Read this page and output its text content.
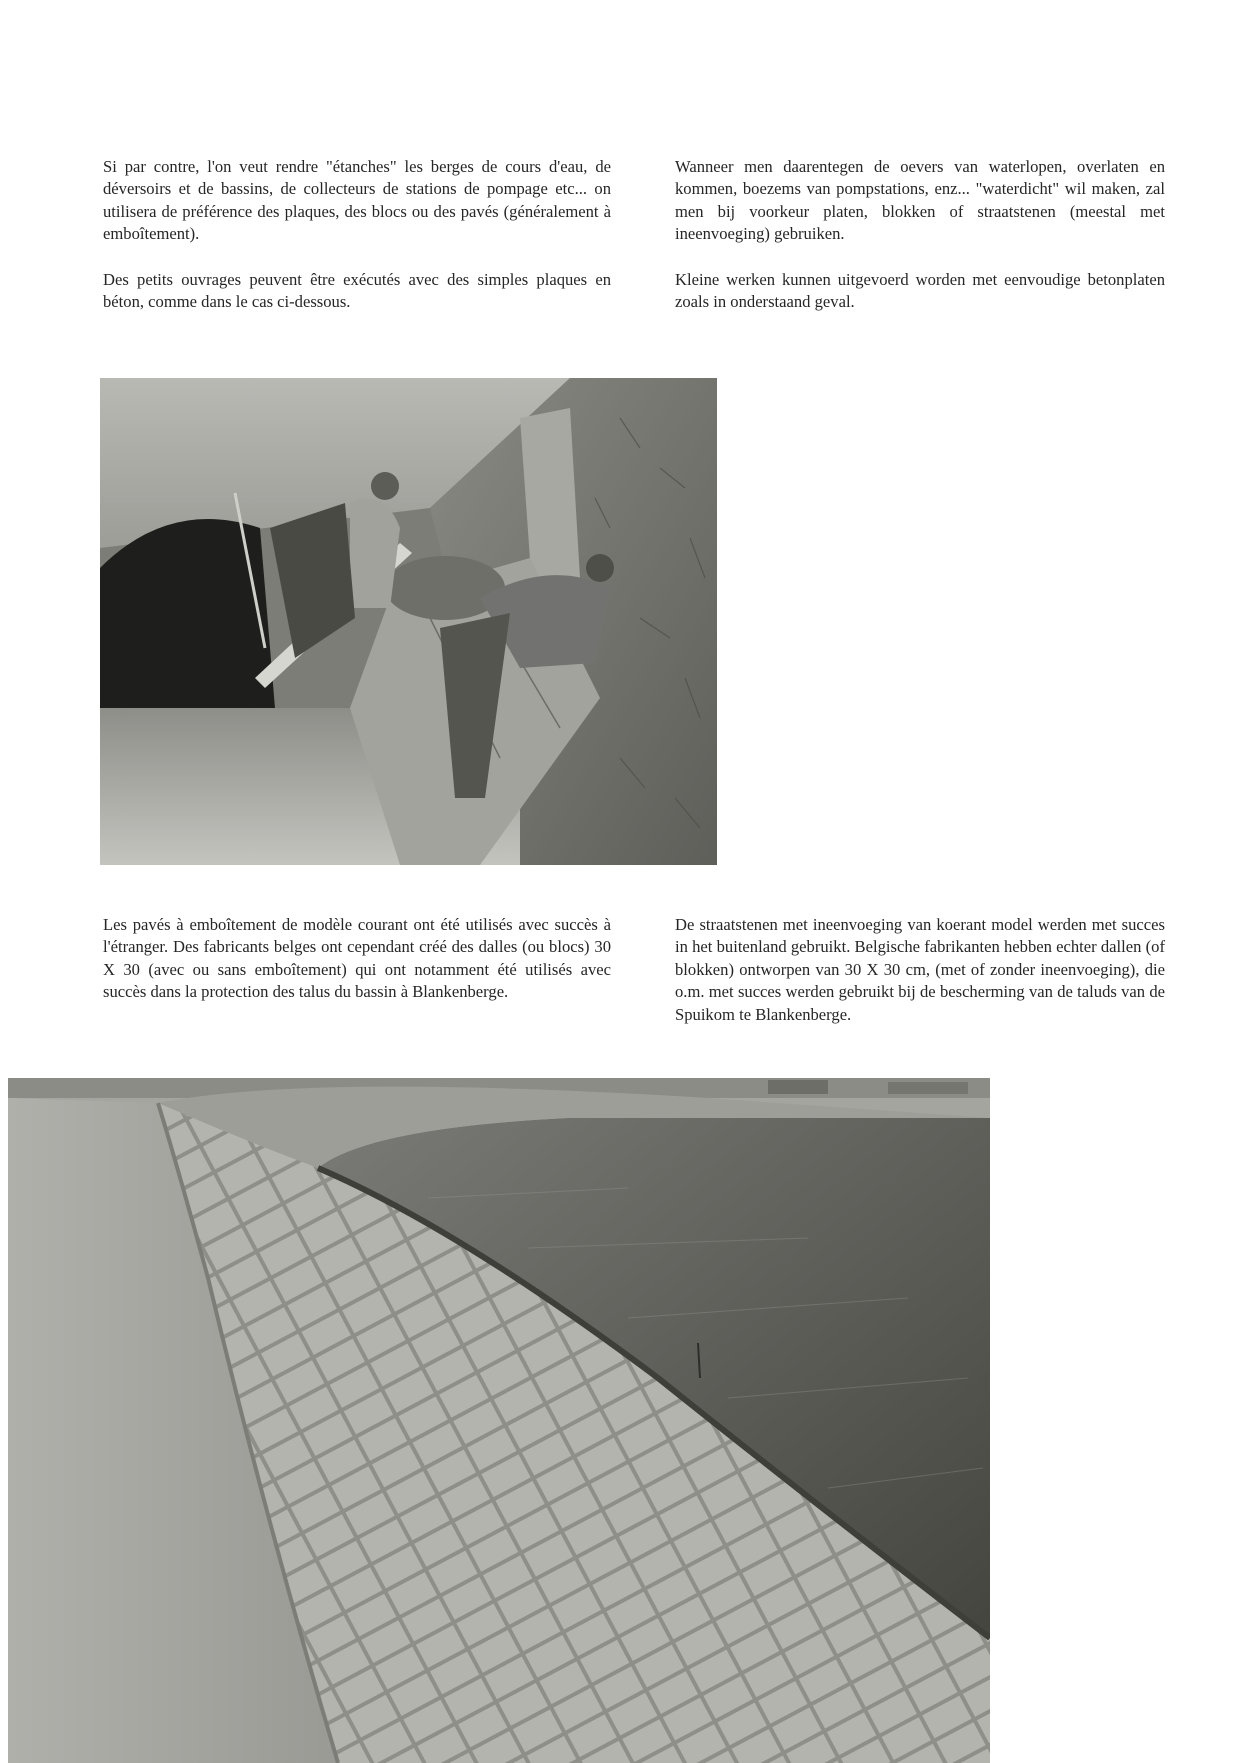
Si par contre, l'on veut rendre "étanches" les berges de cours d'eau, de déversoirs et de bassins, de collecteurs de stations de pompage etc... on utilisera de préférence des plaques, des blocs ou des pavés (généralement à emboîtement).

Des petits ouvrages peuvent être exécutés avec des simples plaques en béton, comme dans le cas ci-dessous.

Wanneer men daarentegen de oevers van waterlopen, overlaten en kommen, boezems van pompstations, enz... "waterdicht" wil maken, zal men bij voorkeur platen, blokken of straatstenen (meestal met ineenvoeging) gebruiken.

Kleine werken kunnen uitgevoerd worden met eenvoudige betonplaten zoals in onderstaand geval.

Les pavés à emboîtement de modèle courant ont été utilisés avec succès à l'étranger. Des fabricants belges ont cependant créé des dalles (ou blocs) 30 X 30 (avec ou sans emboîtement) qui ont notamment été utilisés avec succès dans la protection des talus du bassin à Blankenberge.

De straatstenen met ineenvoeging van koerant model werden met succes in het buitenland gebruikt. Belgische fabrikanten hebben echter dallen (of blokken) ontworpen van 30 X 30 cm, (met of zonder ineenvoeging), die o.m. met succes werden gebruikt bij de bescherming van de taluds van de Spuikom te Blankenberge.
